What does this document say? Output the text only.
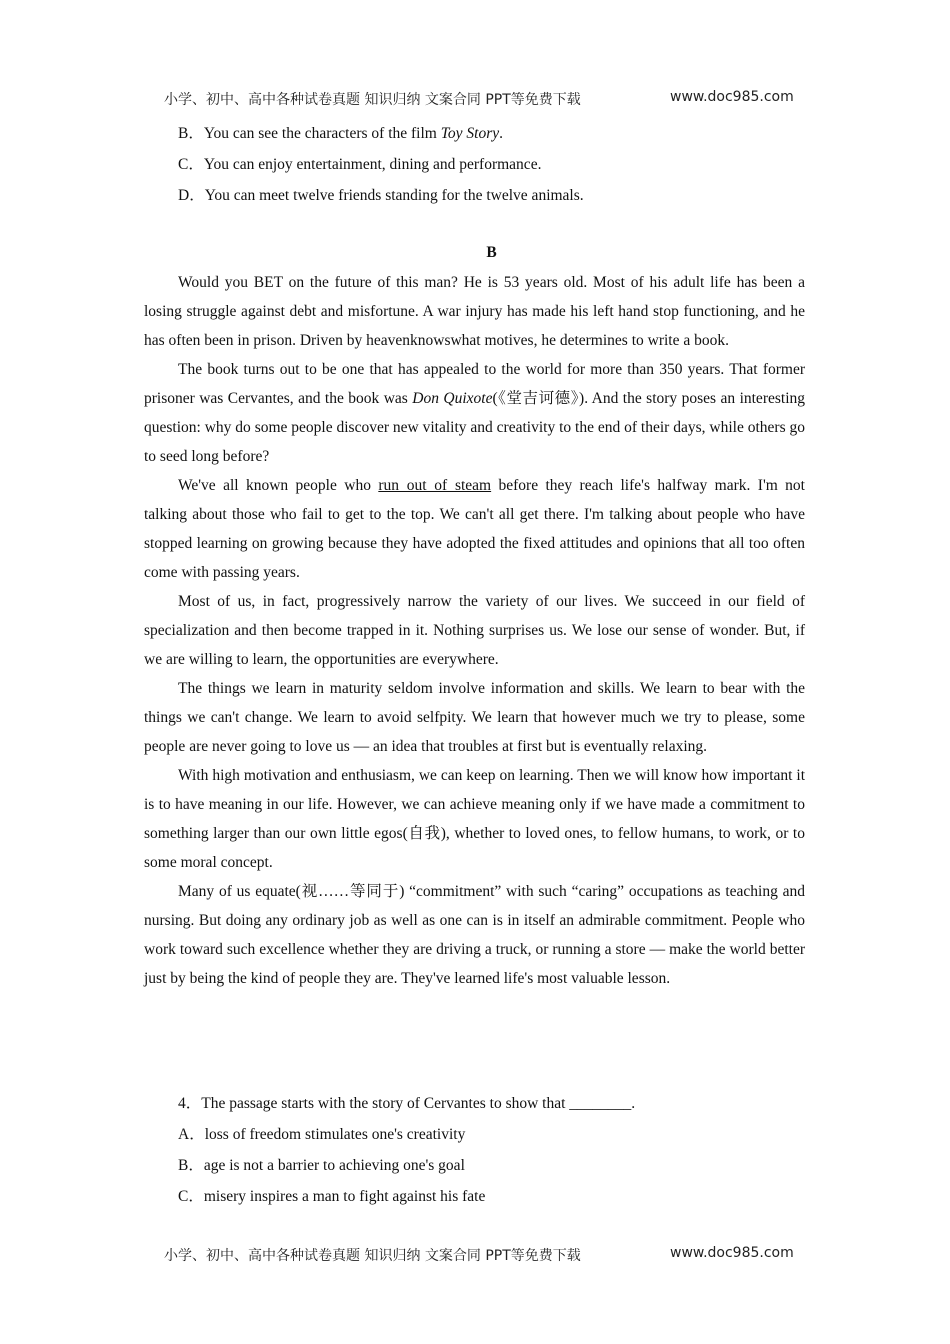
小学、初中、高中各种试卷真题 知识归纳 文案合同 PPT等免费下载	www.doc985.com
B．You can see the characters of the film Toy Story.
C．You can enjoy entertainment, dining and performance.
D．You can meet twelve friends standing for the twelve animals.
B

Would you BET on the future of this man? He is 53 years old. Most of his adult life has been a losing struggle against debt and misfortune. A war injury has made his left hand stop functioning, and he has often been in prison. Driven by heavenknowswhat motives, he determines to write a book.

The book turns out to be one that has appealed to the world for more than 350 years. That former prisoner was Cervantes, and the book was Don Quixote(《堂吉诃德》). And the story poses an interesting question: why do some people discover new vitality and creativity to the end of their days, while others go to seed long before?

We've all known people who run_out_of_steam before they reach life's halfway mark. I'm not talking about those who fail to get to the top. We can't all get there. I'm talking about people who have stopped learning on growing because they have adopted the fixed attitudes and opinions that all too often come with passing years.

Most of us, in fact, progressively narrow the variety of our lives. We succeed in our field of specialization and then become trapped in it. Nothing surprises us. We lose our sense of wonder. But, if we are willing to learn, the opportunities are everywhere.

The things we learn in maturity seldom involve information and skills. We learn to bear with the things we can't change. We learn to avoid selfpity. We learn that however much we try to please, some people are never going to love us — an idea that troubles at first but is eventually relaxing.

With high motivation and enthusiasm, we can keep on learning. Then we will know how important it is to have meaning in our life. However, we can achieve meaning only if we have made a commitment to something larger than our own little egos(自我), whether to loved ones, to fellow humans, to work, or to some moral concept.

Many of us equate(视……等同于) “commitment” with such “caring” occupations as teaching and nursing. But doing any ordinary job as well as one can is in itself an admirable commitment. People who work toward such excellence whether they are driving a truck, or running a store — make the world better just by being the kind of people they are. They've learned life's most valuable lesson.

4．The passage starts with the story of Cervantes to show that ________.
A．loss of freedom stimulates one's creativity
B．age is not a barrier to achieving one's goal
C．misery inspires a man to fight against his fate
小学、初中、高中各种试卷真题 知识归纳 文案合同 PPT等免费下载	www.doc985.com
